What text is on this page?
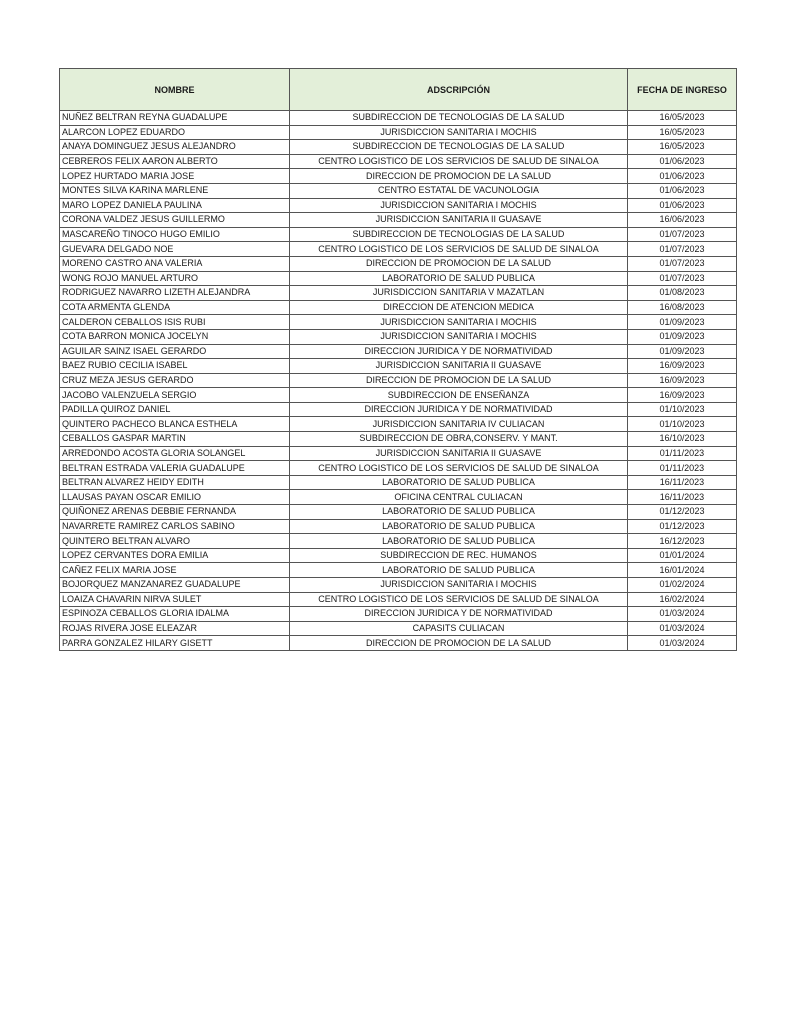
NOMBRE	ADSCRIPCIÓN	FECHA DE INGRESO
NUÑEZ BELTRAN REYNA GUADALUPE	SUBDIRECCION DE TECNOLOGIAS DE LA SALUD	16/05/2023
ALARCON LOPEZ EDUARDO	JURISDICCION SANITARIA I MOCHIS	16/05/2023
ANAYA DOMINGUEZ JESUS ALEJANDRO	SUBDIRECCION DE TECNOLOGIAS DE LA SALUD	16/05/2023
CEBREROS FELIX AARON ALBERTO	CENTRO LOGISTICO DE LOS SERVICIOS DE SALUD DE SINALOA	01/06/2023
LOPEZ HURTADO MARIA JOSE	DIRECCION DE PROMOCION DE LA SALUD	01/06/2023
MONTES SILVA KARINA MARLENE	CENTRO ESTATAL DE VACUNOLOGIA	01/06/2023
MARO LOPEZ DANIELA PAULINA	JURISDICCION SANITARIA I MOCHIS	01/06/2023
CORONA VALDEZ JESUS GUILLERMO	JURISDICCION SANITARIA II GUASAVE	16/06/2023
MASCAREÑO TINOCO HUGO EMILIO	SUBDIRECCION DE TECNOLOGIAS DE LA SALUD	01/07/2023
GUEVARA DELGADO NOE	CENTRO LOGISTICO DE LOS SERVICIOS DE SALUD DE SINALOA	01/07/2023
MORENO CASTRO ANA VALERIA	DIRECCION DE PROMOCION DE LA SALUD	01/07/2023
WONG ROJO MANUEL ARTURO	LABORATORIO DE SALUD PUBLICA	01/07/2023
RODRIGUEZ NAVARRO LIZETH ALEJANDRA	JURISDICCION SANITARIA V MAZATLAN	01/08/2023
COTA ARMENTA GLENDA	DIRECCION DE ATENCION MEDICA	16/08/2023
CALDERON CEBALLOS ISIS RUBI	JURISDICCION SANITARIA I MOCHIS	01/09/2023
COTA BARRON MONICA JOCELYN	JURISDICCION SANITARIA I MOCHIS	01/09/2023
AGUILAR SAINZ ISAEL GERARDO	DIRECCION JURIDICA Y DE NORMATIVIDAD	01/09/2023
BAEZ RUBIO CECILIA ISABEL	JURISDICCION SANITARIA II GUASAVE	16/09/2023
CRUZ MEZA JESUS GERARDO	DIRECCION DE PROMOCION DE LA SALUD	16/09/2023
JACOBO VALENZUELA SERGIO	SUBDIRECCION DE ENSEÑANZA	16/09/2023
PADILLA QUIROZ DANIEL	DIRECCION JURIDICA Y DE NORMATIVIDAD	01/10/2023
QUINTERO PACHECO BLANCA ESTHELA	JURISDICCION SANITARIA IV CULIACAN	01/10/2023
CEBALLOS GASPAR MARTIN	SUBDIRECCION DE OBRA,CONSERV. Y MANT.	16/10/2023
ARREDONDO ACOSTA GLORIA SOLANGEL	JURISDICCION SANITARIA II GUASAVE	01/11/2023
BELTRAN ESTRADA VALERIA GUADALUPE	CENTRO LOGISTICO DE LOS SERVICIOS DE SALUD DE SINALOA	01/11/2023
BELTRAN ALVAREZ HEIDY EDITH	LABORATORIO DE SALUD PUBLICA	16/11/2023
LLAUSAS PAYAN OSCAR EMILIO	OFICINA CENTRAL CULIACAN	16/11/2023
QUIÑONEZ ARENAS DEBBIE FERNANDA	LABORATORIO DE SALUD PUBLICA	01/12/2023
NAVARRETE RAMIREZ CARLOS SABINO	LABORATORIO DE SALUD PUBLICA	01/12/2023
QUINTERO BELTRAN ALVARO	LABORATORIO DE SALUD PUBLICA	16/12/2023
LOPEZ CERVANTES DORA EMILIA	SUBDIRECCION DE REC. HUMANOS	01/01/2024
CAÑEZ FELIX MARIA JOSE	LABORATORIO DE SALUD PUBLICA	16/01/2024
BOJORQUEZ MANZANAREZ GUADALUPE	JURISDICCION SANITARIA I MOCHIS	01/02/2024
LOAIZA CHAVARIN NIRVA SULET	CENTRO LOGISTICO DE LOS SERVICIOS DE SALUD DE SINALOA	16/02/2024
ESPINOZA CEBALLOS GLORIA IDALMA	DIRECCION JURIDICA Y DE NORMATIVIDAD	01/03/2024
ROJAS RIVERA JOSE ELEAZAR	CAPASITS CULIACAN	01/03/2024
PARRA GONZALEZ HILARY GISETT	DIRECCION DE PROMOCION DE LA SALUD	01/03/2024
